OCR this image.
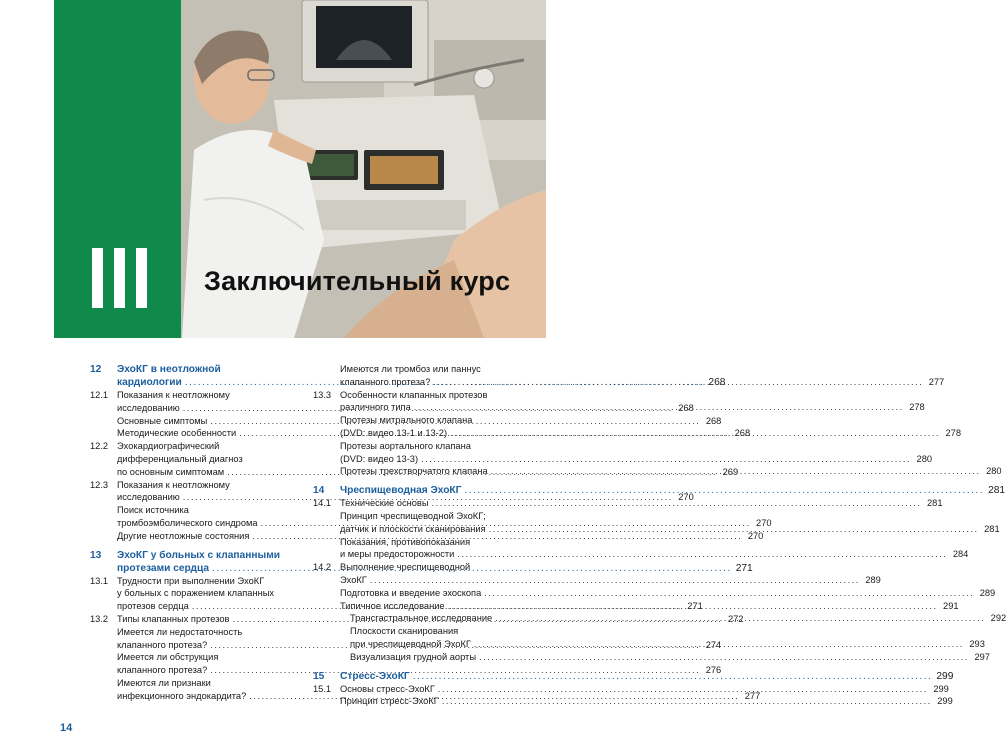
Заключительный курс
12	ЭхоКГ в неотложной
кардиологии .....	268
12.1 Показания к неотложному
исследованию .....	268
Основные симптомы .....	268
Методические особенности .....	268
12.2 Эхокардиографический
дифференциальный диагноз
по основным симптомам .....	269
12.3 Показания к неотложному
исследованию .....	270
Поиск источника
тромбоэмболического синдрома .....	270
Другие неотложные состояния .....	270
13	ЭхоКГ у больных с клапанными
протезами сердца .....	271
13.1 Трудности при выполнении ЭхоКГ
у больных с поражением клапанных
протезов сердца .....	271
13.2 Типы клапанных протезов .....	272
Имеется ли недостаточность
клапанного протеза? .....	274
Имеется ли обструкция
клапанного протеза? .....	276
Имеются ли признаки
инфекционного эндокардита? .....	277
Имеются ли тромбоз или паннус
клапанного протеза? .....	277
13.3 Особенности клапанных протезов
различного типа .....	278
Протезы митрального клапана
(DVD: видео 13-1 и 13-2) .....	278
Протезы аортального клапана
(DVD: видео 13-3) .....	280
Протезы трехстворчатого клапана .....	280
14	Чреспищеводная ЭхоКГ .....	281
14.1 Технические основы .....	281
Принцип чреспищеводной ЭхоКГ;
датчик и плоскости сканирования .....	281
Показания, противопоказания
и меры предосторожности .....	284
14.2 Выполнение чреспищеводной
ЭхоКГ .....	289
Подготовка и введение эхоскопа .....	289
Типичное исследование .....	291
Трансгастральное исследование .....	292
Плоскости сканирования
при чреспищеводной ЭхоКГ .....	293
Визуализация грудной аорты .....	297
15	Стресс-ЭхоКГ .....	299
15.1 Основы стресс-ЭхоКГ .....	299
Принцип стресс-ЭхоКГ .....	299
14
